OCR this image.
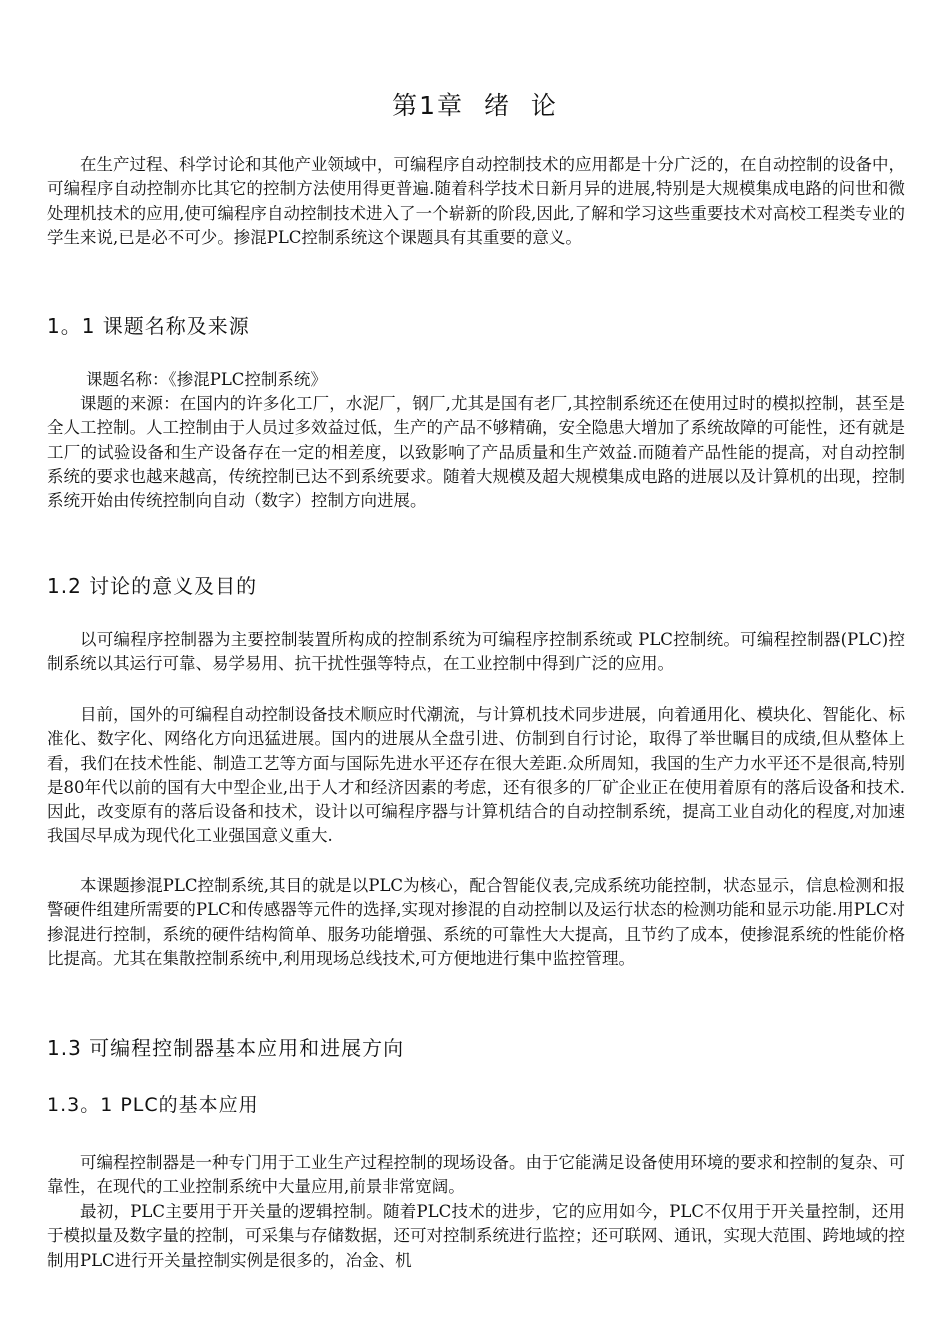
第1章 绪 论

在生产过程、科学讨论和其他产业领域中，可编程序自动控制技术的应用都是十分广泛的，在自动控制的设备中， 可编程序自动控制亦比其它的控制方法使用得更普遍.随着科学技术日新月异的进展,特别是大规模集成电路的问世和微处理机技术的应用,使可编程序自动控制技术进入了一个崭新的阶段,因此,了解和学习这些重要技术对高校工程类专业的学生来说,已是必不可少。掺混PLC控制系统这个课题具有其重要的意义。

1。1 课题名称及来源

课题名称：《掺混PLC控制系统》

课题的来源：在国内的许多化工厂，水泥厂，钢厂,尤其是国有老厂,其控制系统还在使用过时的模拟控制，甚至是全人工控制。人工控制由于人员过多效益过低，生产的产品不够精确，安全隐患大增加了系统故障的可能性，还有就是工厂的试验设备和生产设备存在一定的相差度，以致影响了产品质量和生产效益.而随着产品性能的提高，对自动控制系统的要求也越来越高，传统控制已达不到系统要求。随着大规模及超大规模集成电路的进展以及计算机的出现，控制系统开始由传统控制向自动（数字）控制方向进展。

1.2 讨论的意义及目的

以可编程序控制器为主要控制装置所构成的控制系统为可编程序控制系统或 PLC控制统。可编程控制器(PLC)控制系统以其运行可靠、易学易用、抗干扰性强等特点，在工业控制中得到广泛的应用。

目前，国外的可编程自动控制设备技术顺应时代潮流，与计算机技术同步进展，向着通用化、模块化、智能化、标准化、数字化、网络化方向迅猛进展。国内的进展从全盘引进、仿制到自行讨论，取得了举世瞩目的成绩,但从整体上看，我们在技术性能、制造工艺等方面与国际先进水平还存在很大差距.众所周知，我国的生产力水平还不是很高,特别是80年代以前的国有大中型企业,出于人才和经济因素的考虑，还有很多的厂矿企业正在使用着原有的落后设备和技术.因此，改变原有的落后设备和技术，设计以可编程序器与计算机结合的自动控制系统，提高工业自动化的程度,对加速我国尽早成为现代化工业强国意义重大.

本课题掺混PLC控制系统,其目的就是以PLC为核心，配合智能仪表,完成系统功能控制，状态显示，信息检测和报警硬件组建所需要的PLC和传感器等元件的选择,实现对掺混的自动控制以及运行状态的检测功能和显示功能.用PLC对掺混进行控制，系统的硬件结构简单、服务功能增强、系统的可靠性大大提高，且节约了成本，使掺混系统的性能价格比提高。尤其在集散控制系统中,利用现场总线技术,可方便地进行集中监控管理。

1.3 可编程控制器基本应用和进展方向
1.3。1 PLC的基本应用

可编程控制器是一种专门用于工业生产过程控制的现场设备。由于它能满足设备使用环境的要求和控制的复杂、可靠性，在现代的工业控制系统中大量应用,前景非常宽阔。

最初，PLC主要用于开关量的逻辑控制。随着PLC技术的进步，它的应用如今，PLC不仅用于开关量控制，还用于模拟量及数字量的控制，可采集与存储数据，还可对控制系统进行监控；还可联网、通讯，实现大范围、跨地域的控制用PLC进行开关量控制实例是很多的，冶金、机
